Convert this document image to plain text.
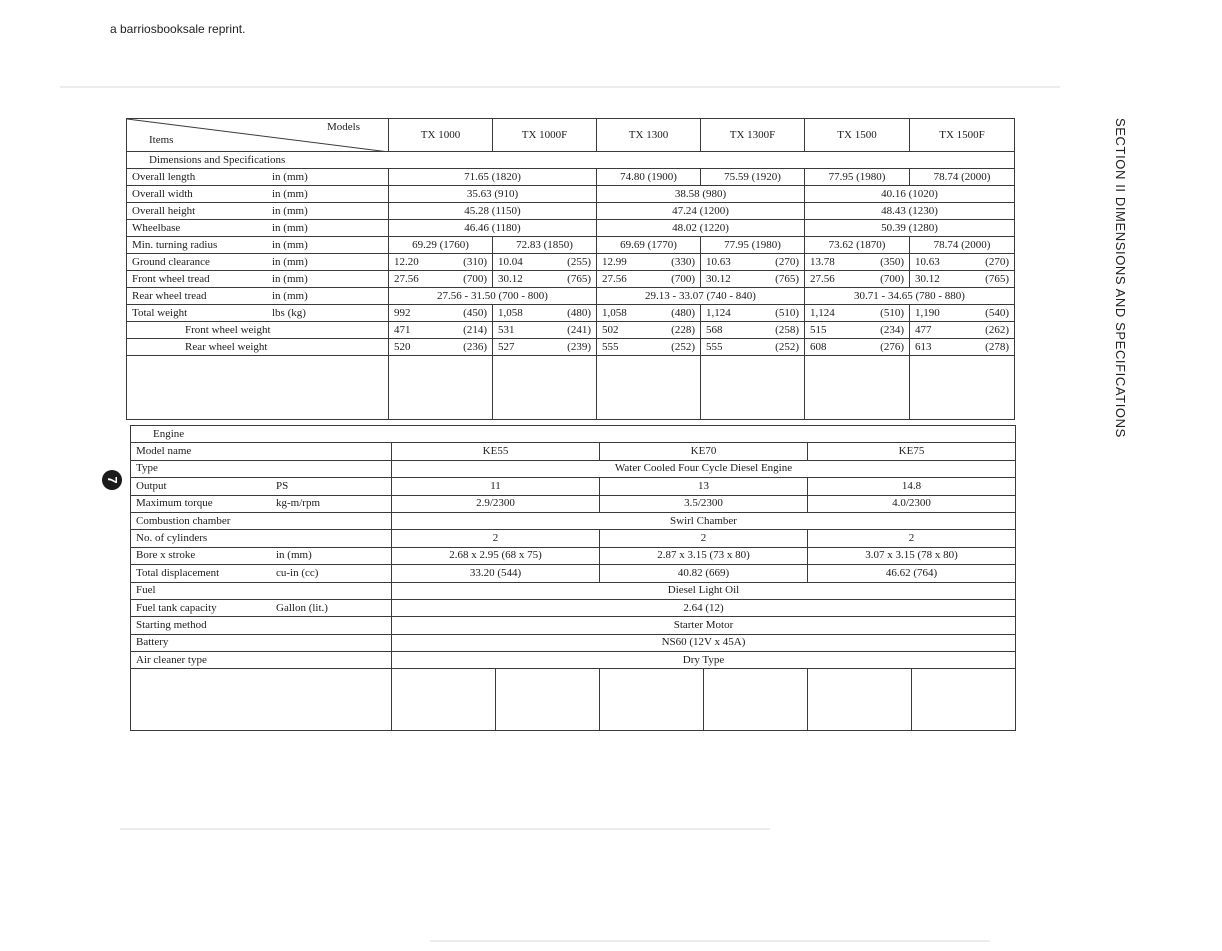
a barriosbooksale reprint.
SECTION II DIMENSIONS AND SPECIFICATIONS
7
Models
Items	TX 1000	TX 1000F	TX 1300	TX 1300F	TX 1500	TX 1500F
Dimensions and Specifications						
Overall length in (mm)	71.65 (1820)		74.80 (1900)	75.59 (1920)	77.95 (1980)	78.74 (2000)
Overall width in (mm)	35.63 (910)		38.58 (980)		40.16 (1020)	
Overall height in (mm)	45.28 (1150)		47.24 (1200)		48.43 (1230)	
Wheelbase in (mm)	46.46 (1180)		48.02 (1220)		50.39 (1280)	
Min. turning radius in (mm)	69.29 (1760)	72.83 (1850)	69.69 (1770)	77.95 (1980)	73.62 (1870)	78.74 (2000)
Ground clearance in (mm)	12.20 (310)	10.04 (255)	12.99 (330)	10.63 (270)	13.78 (350)	10.63 (270)

Front wheel tread in (mm)	27.56 (700)	30.12 (765)	27.56 (700)	30.12 (765)	27.56 (700)	30.12 (765)

Rear wheel tread in (mm)	27.56 - 31.50 (700 - 800)		29.13 - 33.07 (740 - 840)		30.71 - 34.65 (780 - 880)	
Total weight lbs (kg)	992 (450)	1,058 (480)	1,058 (480)	1,124 (510)	1,124 (510)	1,190 (540)

Front wheel weight	471 (214)	531 (241)	502 (228)	568 (258)	515 (234)	477 (262)

Rear wheel weight	520 (236)	527 (239)	555 (252)	555 (252)	608 (276)	613 (278)

Engine						
Model name	KE55		KE70		KE75	
Type	Water Cooled Four Cycle Diesel Engine					
Output PS	11		13		14.8	
Maximum torque kg-m/rpm	2.9/2300		3.5/2300		4.0/2300	
Combustion chamber	Swirl Chamber					
No. of cylinders	2		2		2	
Bore x stroke in (mm)	2.68 x 2.95 (68 x 75)		2.87 x 3.15 (73 x 80)		3.07 x 3.15 (78 x 80)	
Total displacement cu-in (cc)	33.20 (544)		40.82 (669)		46.62 (764)	
Fuel	Diesel Light Oil					
Fuel tank capacity Gallon (lit.)	2.64 (12)					
Starting method	Starter Motor					
Battery	NS60 (12V x 45A)					
Air cleaner type	Dry Type					
